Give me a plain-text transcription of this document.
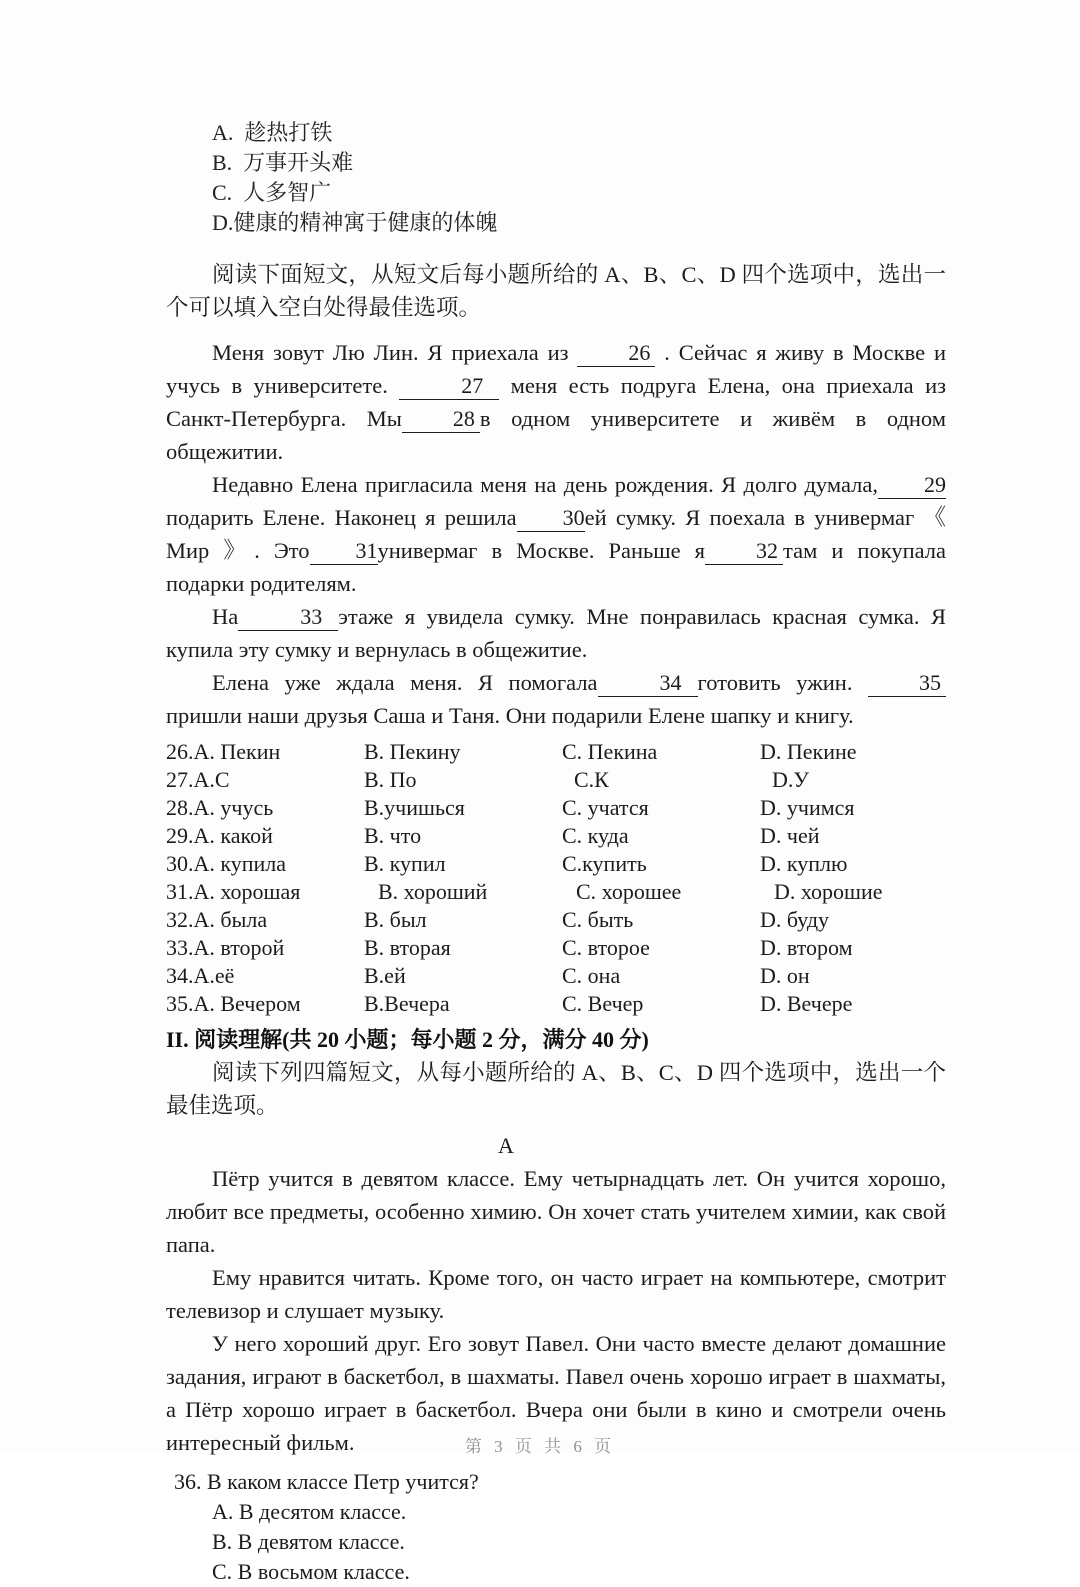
A.  趁热打铁
B.  万事开头难
C.  人多智广
D.健康的精神寓于健康的体魄

阅读下面短文，从短文后每小题所给的 A、B、C、D 四个选项中，选出一个可以填入空白处得最佳选项。

Меня зовут Лю Лин. Я приехала из	26 . Сейчас я живу в Москве и учусь в университете.	27 меня есть подруга Елена, она приехала из Санкт-Петербурга. Мы 28 в одном университете и живём в одном общежитии.

Недавно Елена пригласила меня на день рождения. Я долго думала, 29 подарить Елене. Наконец я решила 30ей сумку. Я поехала в универмаг 《 Мир 》. Это 31универмаг в Москве. Раньше я 32 там и покупала подарки родителям.

На	33 этаже я увидела сумку. Мне понравилась красная сумка. Я купила эту сумку и вернулась в общежитие.

Елена уже ждала меня. Я помогала	34 готовить ужин.	35 пришли наши друзья Саша и Таня. Они подарили Елене шапку и книгу.

26.A. Пекин	B. Пекину	C. Пекина	D. Пекине
27.A.C	B. По	C.К	D.У
28.A. учусь	B.учишься	C. учатся	D. учимся
29.A. какой	B. что	C. куда	D. чей
30.A. купила	B. купил	C.купить	D. куплю
31.A. хорошая	B. хороший	C. хорошее	D. хорошие
32.A. была	B. был	C. быть	D. буду
33.A. второй	B. вторая	C. второе	D. втором
34.A.её	B.ей	C. она	D. он
35.A. Вечером	B.Вечера	C. Вечер	D. Вечере
II. 阅读理解(共 20 小题；每小题 2 分，满分 40 分)

阅读下列四篇短文，从每小题所给的 A、B、C、D 四个选项中，选出一个最佳选项。

A

Пётр учится в девятом классе. Ему четырнадцать лет. Он учится хорошо, любит все предметы, особенно химию. Он хочет стать учителем химии, как свой папа.

Ему нравится читать. Кроме того, он часто играет на компьютере, смотрит телевизор и слушает музыку.

У него хороший друг. Его зовут Павел. Они часто вместе делают домашние задания, играют в баскетбол, в шахматы. Павел очень хорошо играет в шахматы, а Пётр хорошо играет в баскетбол. Вчера они были в кино и смотрели очень интересный фильм.

36. В каком классе Петр учится?
A. В десятом классе.
B. В девятом классе.
C. В восьмом классе.
第 3 页 共 6 页
